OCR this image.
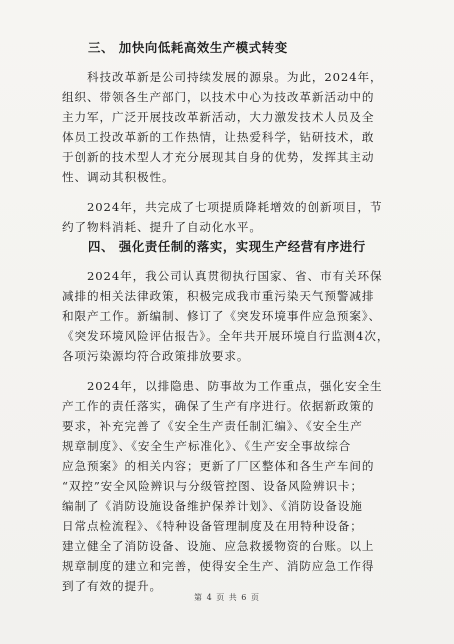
三、 加快向低耗高效生产模式转变

　　科技改革新是公司持续发展的源泉。为此，2024年，
组织、带领各生产部门，以技术中心为技改革新活动中的
主力军，广泛开展技改革新活动，大力激发技术人员及全
体员工投改革新的工作热情，让热爱科学，钻研技术，敢
于创新的技术型人才充分展现其自身的优势，发挥其主动
性、调动其积极性。

　　2024年，共完成了七项提质降耗增效的创新项目，节
约了物料消耗、提升了自动化水平。

四、 强化责任制的落实，实现生产经营有序进行

　　2024年，我公司认真贯彻执行国家、省、市有关环保
减排的相关法律政策，积极完成我市重污染天气预警减排
和限产工作。新编制、修订了《突发环境事件应急预案》、
《突发环境风险评估报告》。全年共开展环境自行监测4次，
各项污染源均符合政策排放要求。

　　2024年，以排隐患、防事故为工作重点，强化安全生
产工作的责任落实，确保了生产有序进行。依据新政策的
要求，补充完善了《安全生产责任制汇编》、《安全生产
规章制度》、《安全生产标准化》、《生产安全事故综合
应急预案》的相关内容；更新了厂区整体和各生产车间的
“双控”安全风险辨识与分级管控图、设备风险辨识卡；
编制了《消防设施设备维护保养计划》、《消防设备设施
日常点检流程》、《特种设备管理制度及在用特种设备；
建立健全了消防设备、设施、应急救援物资的台账。以上
规章制度的建立和完善，使得安全生产、消防应急工作得
到了有效的提升。

第 4 页 共 6 页
